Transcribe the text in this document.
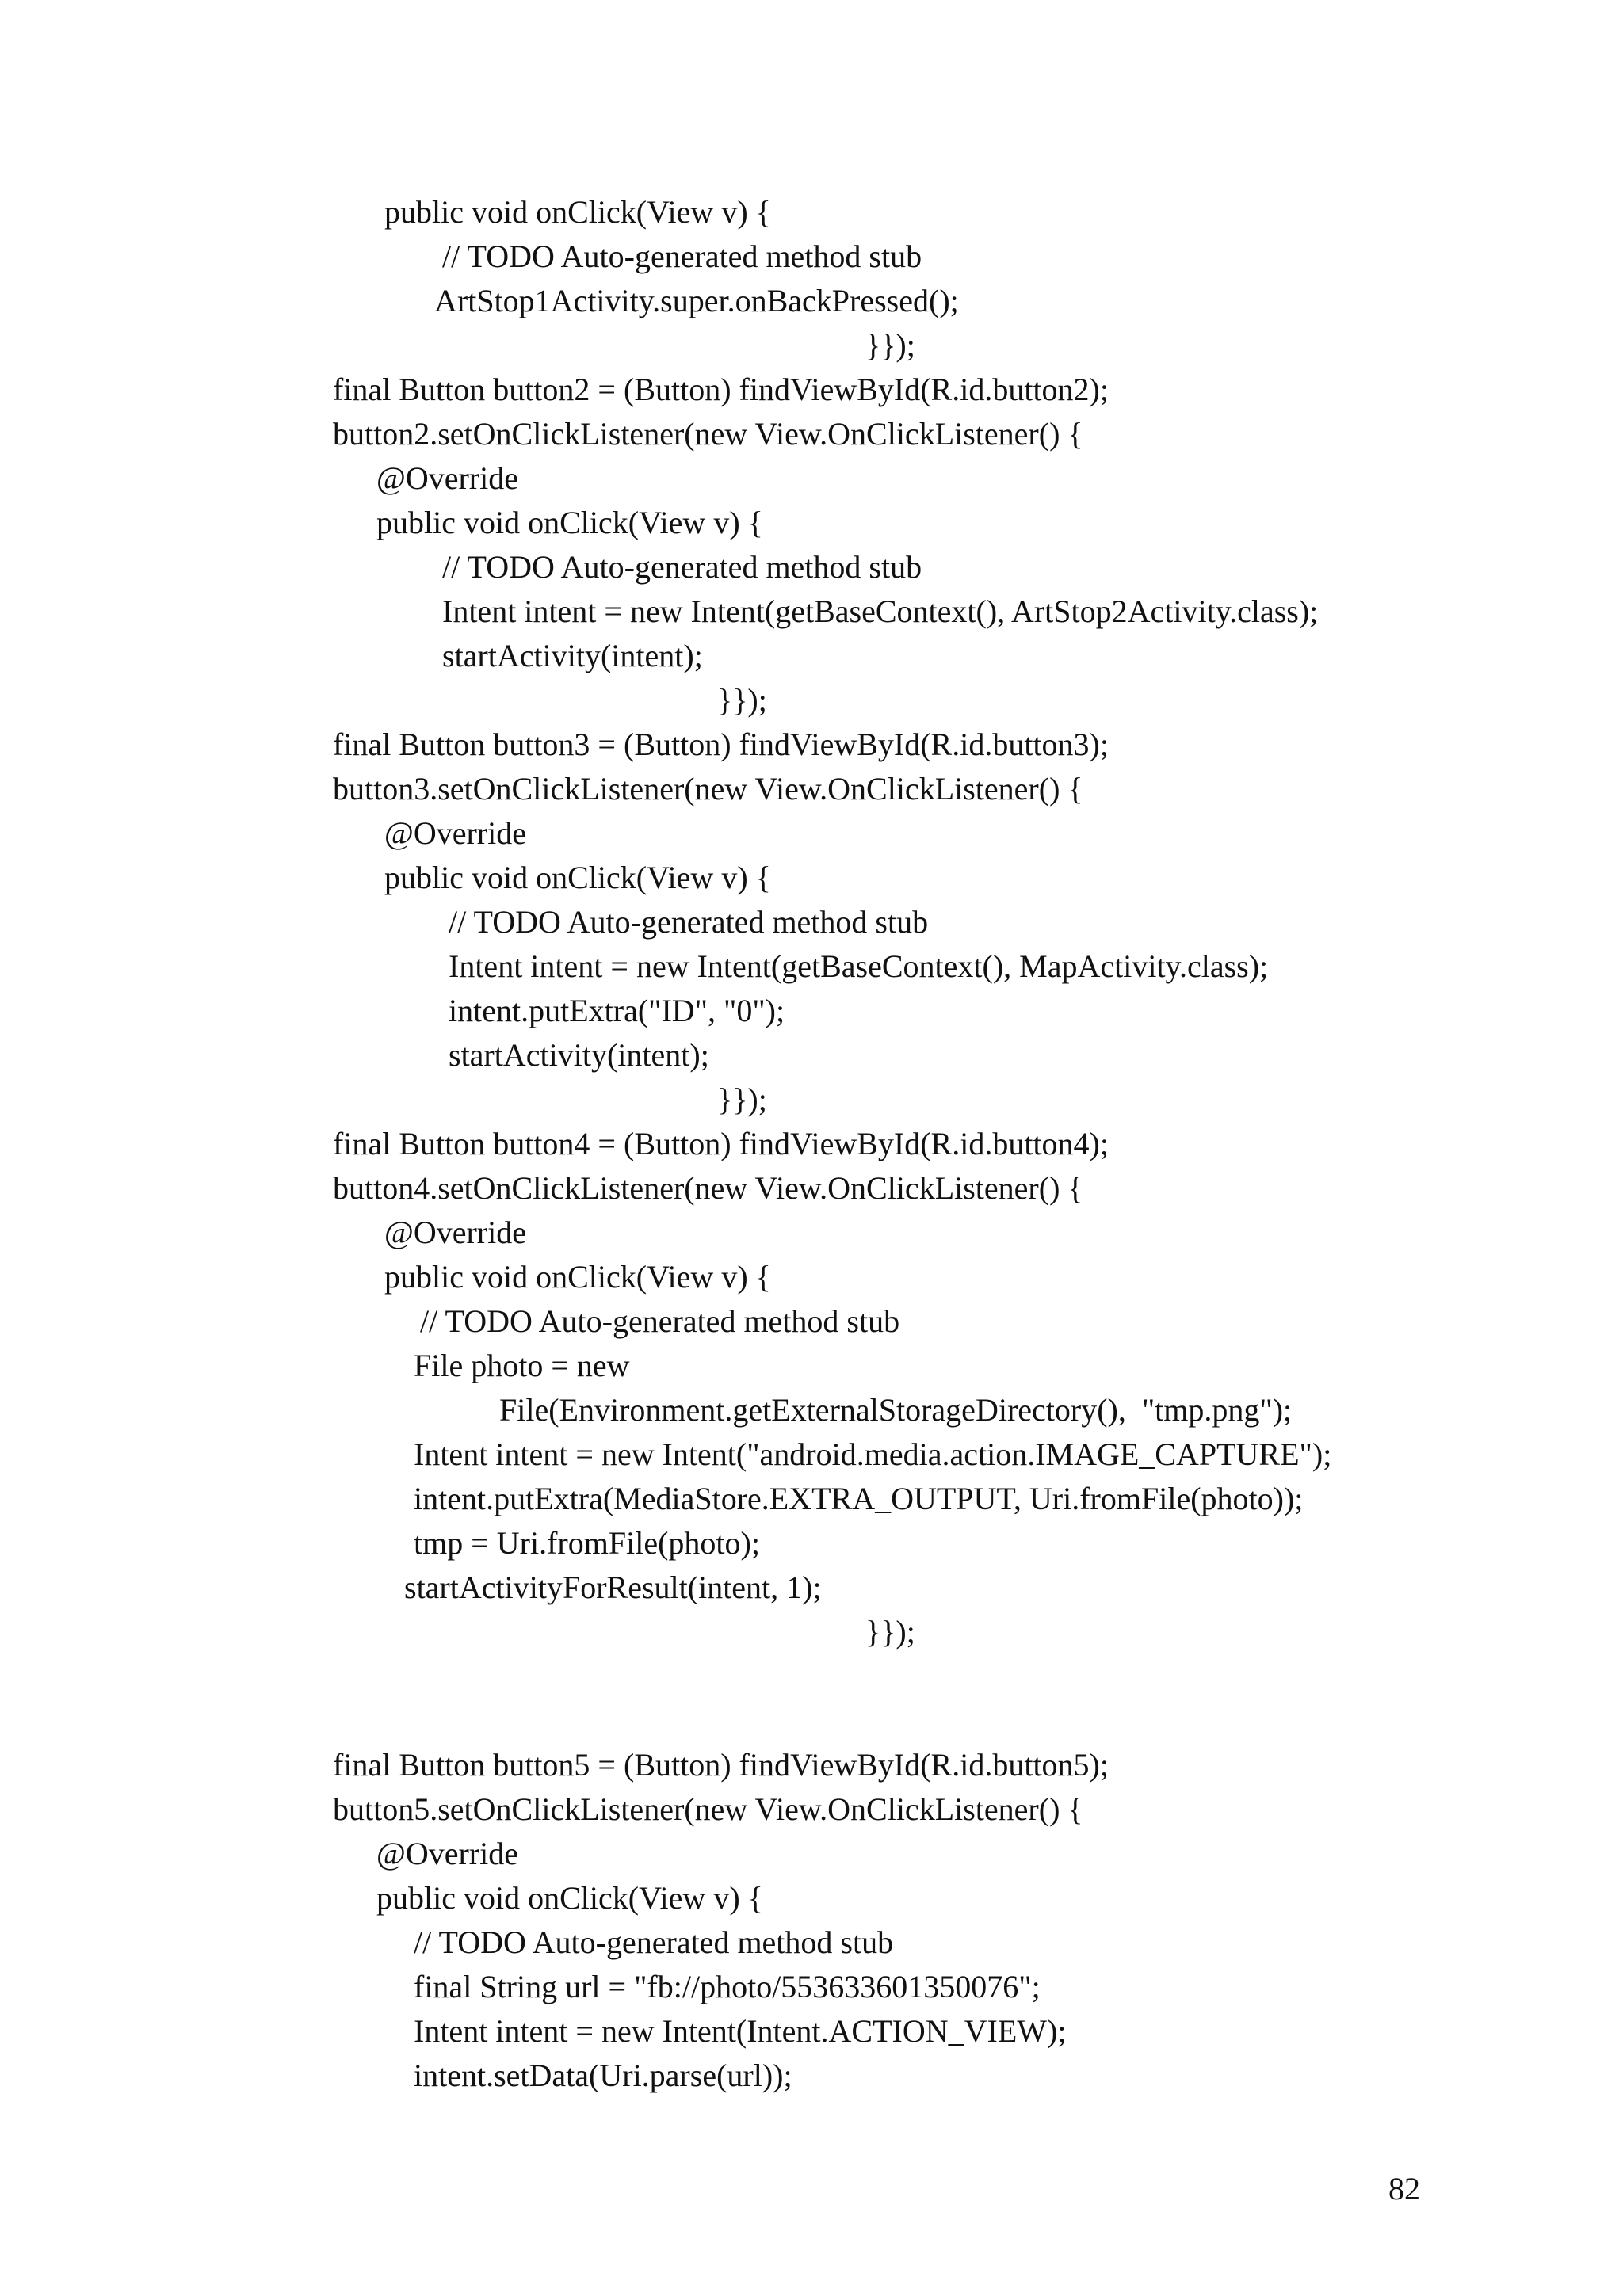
public void onClick(View v) {
// TODO Auto-generated method stub
ArtStop1Activity.super.onBackPressed();
}});
final Button button2 = (Button) findViewById(R.id.button2);
button2.setOnClickListener(new View.OnClickListener() {
@Override
public void onClick(View v) {
// TODO Auto-generated method stub
Intent intent = new Intent(getBaseContext(), ArtStop2Activity.class);
startActivity(intent);
}});
final Button button3 = (Button) findViewById(R.id.button3);
button3.setOnClickListener(new View.OnClickListener() {
@Override
public void onClick(View v) {
// TODO Auto-generated method stub
Intent intent = new Intent(getBaseContext(), MapActivity.class);
intent.putExtra("ID", "0");
startActivity(intent);
}});
final Button button4 = (Button) findViewById(R.id.button4);
button4.setOnClickListener(new View.OnClickListener() {
@Override
public void onClick(View v) {
// TODO Auto-generated method stub
File photo = new
File(Environment.getExternalStorageDirectory(),  "tmp.png");
Intent intent = new Intent("android.media.action.IMAGE_CAPTURE");
intent.putExtra(MediaStore.EXTRA_OUTPUT, Uri.fromFile(photo));
tmp = Uri.fromFile(photo);
startActivityForResult(intent, 1);
}});
final Button button5 = (Button) findViewById(R.id.button5);
button5.setOnClickListener(new View.OnClickListener() {
@Override
public void onClick(View v) {
// TODO Auto-generated method stub
final String url = "fb://photo/553633601350076";
Intent intent = new Intent(Intent.ACTION_VIEW);
intent.setData(Uri.parse(url));
82
